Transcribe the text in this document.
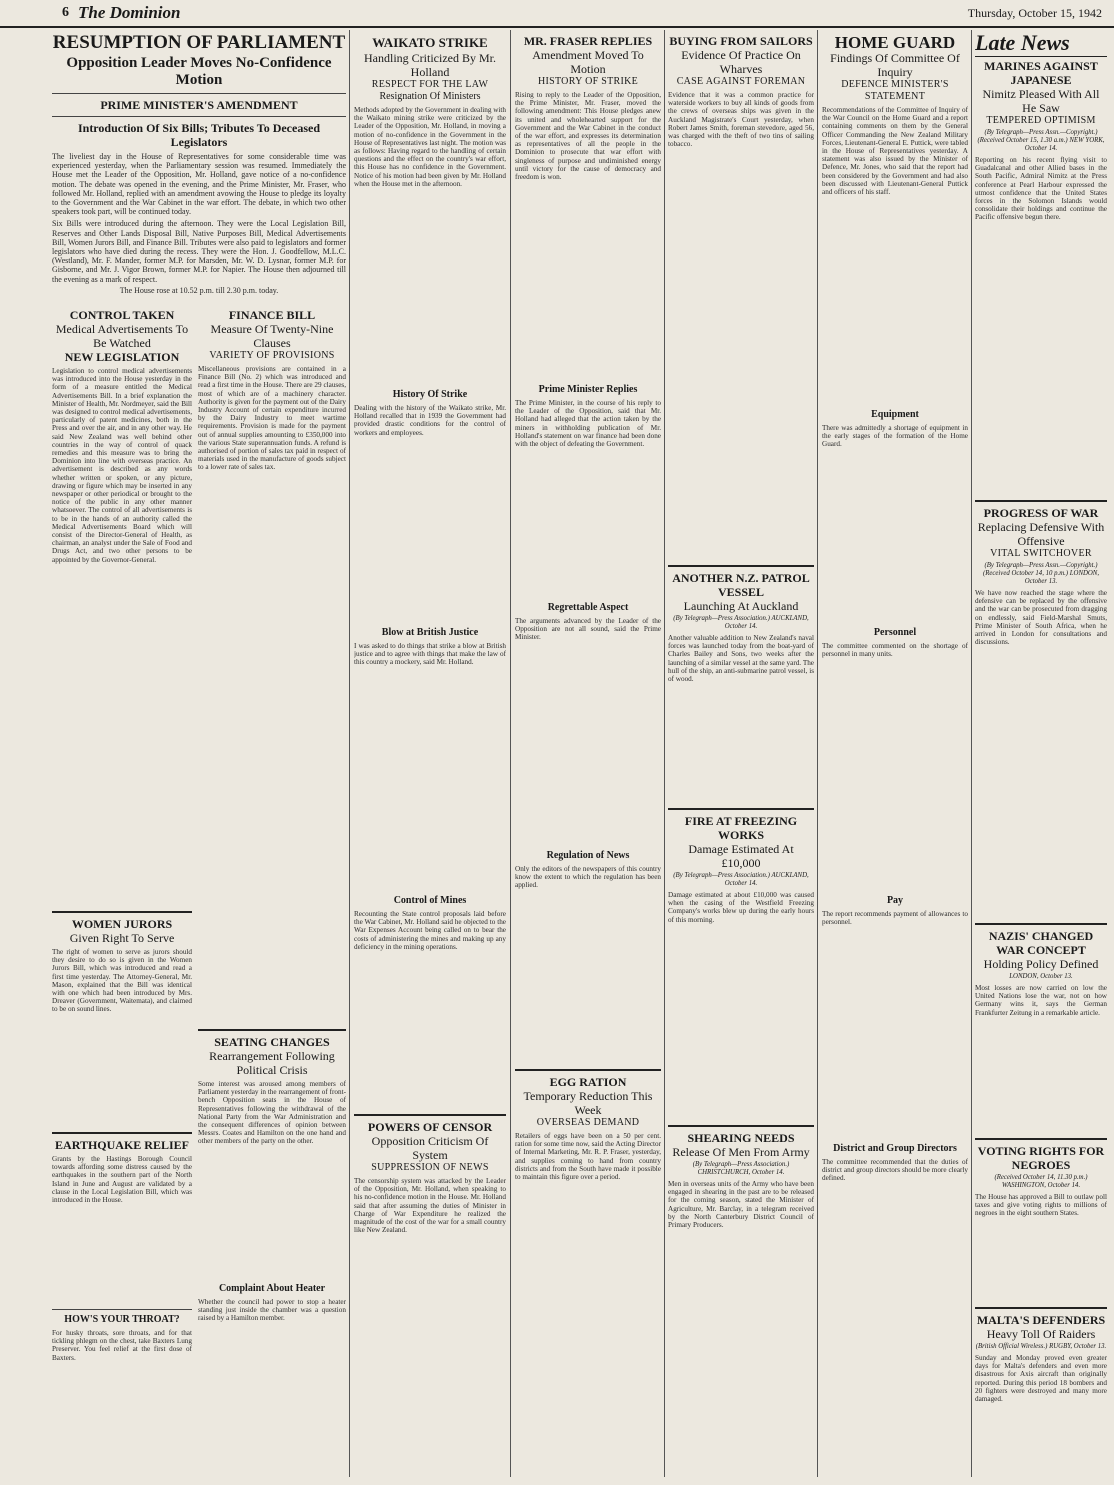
6 The Dominion	Thursday, October 15, 1942
RESUMPTION OF PARLIAMENT
Opposition Leader Moves No-Confidence Motion
PRIME MINISTER'S AMENDMENT
Introduction Of Six Bills; Tributes To Deceased Legislators

The liveliest day in the House of Representatives for some considerable time was experienced yesterday, when the Parliamentary session was resumed. Immediately the House met the Leader of the Opposition, Mr. Holland, gave notice of a no-confidence motion. The debate was opened in the evening, and the Prime Minister, Mr. Fraser, who followed Mr. Holland, replied with an amendment avowing the House to pledge its loyalty to the Government and the War Cabinet in the war effort. The debate, in which two other speakers took part, will be continued today.

Six Bills were introduced during the afternoon. They were the Local Legislation Bill, Reserves and Other Lands Disposal Bill, Native Purposes Bill, Medical Advertisements Bill, Women Jurors Bill, and Finance Bill. Tributes were also paid to legislators and former legislators who have died during the recess. They were the Hon. J. Goodfellow, M.L.C. (Westland), Mr. F. Mander, former M.P. for Marsden, Mr. W. D. Lysnar, former M.P. for Gisborne, and Mr. J. Vigor Brown, former M.P. for Napier. The House then adjourned till the evening as a mark of respect.

The House rose at 10.52 p.m. till 2.30 p.m. today.

CONTROL TAKEN
Medical Advertisements To Be Watched
NEW LEGISLATION

Legislation to control medical advertisements was introduced into the House yesterday in the form of a measure entitled the Medical Advertisements Bill. In a brief explanation the Minister of Health, Mr. Nordmeyer, said the Bill was designed to control medical advertisements, particularly of patent medicines, both in the Press and over the air, and in any other way. He said New Zealand was well behind other countries in the way of control of quack remedies and this measure was to bring the Dominion into line with overseas practice. An advertisement is described as any words whether written or spoken, or any picture, drawing or figure which may be inserted in any newspaper or other periodical or brought to the notice of the public in any other manner whatsoever. The control of all advertisements is to be in the hands of an authority called the Medical Advertisements Board which will consist of the Director-General of Health, as chairman, an analyst under the Sale of Food and Drugs Act, and two other persons to be appointed by the Governor-General.

WOMEN JURORS
Given Right To Serve

The right of women to serve as jurors should they desire to do so is given in the Women Jurors Bill, which was introduced and read a first time yesterday. The Attorney-General, Mr. Mason, explained that the Bill was identical with one which had been introduced by Mrs. Dreaver (Government, Waitemata), and claimed to be on sound lines.

EARTHQUAKE RELIEF

Grants by the Hastings Borough Council towards affording some distress caused by the earthquakes in the southern part of the North Island in June and August are validated by a clause in the Local Legislation Bill, which was introduced in the House.

HOW'S YOUR THROAT?

For husky throats, sore throats, and for that tickling phlegm on the chest, take Baxters Lung Preserver. You feel relief at the first dose of Baxters.

FINANCE BILL
Measure Of Twenty-Nine Clauses
VARIETY OF PROVISIONS

Miscellaneous provisions are contained in a Finance Bill (No. 2) which was introduced and read a first time in the House. There are 29 clauses, most of which are of a machinery character. Authority is given for the payment out of the Dairy Industry Account of certain expenditure incurred by the Dairy Industry to meet wartime requirements. Provision is made for the payment out of annual supplies amounting to £350,000 into the various State superannuation funds. A refund is authorised of portion of sales tax paid in respect of materials used in the manufacture of goods subject to a lower rate of sales tax.

SEATING CHANGES
Rearrangement Following Political Crisis

Some interest was aroused among members of Parliament yesterday in the rearrangement of front-bench Opposition seats in the House of Representatives following the withdrawal of the National Party from the War Administration and the consequent differences of opinion between Messrs. Coates and Hamilton on the one hand and other members of the party on the other.

Complaint About Heater

Whether the council had power to stop a heater standing just inside the chamber was a question raised by a Hamilton member.

WAIKATO STRIKE
Handling Criticized By Mr. Holland
RESPECT FOR THE LAW
Resignation Of Ministers

Methods adopted by the Government in dealing with the Waikato mining strike were criticized by the Leader of the Opposition, Mr. Holland, in moving a motion of no-confidence in the Government in the House of Representatives last night. The motion was as follows: Having regard to the handling of certain questions and the effect on the country's war effort, this House has no confidence in the Government. Notice of his motion had been given by Mr. Holland when the House met in the afternoon.

History Of Strike

Dealing with the history of the Waikato strike, Mr. Holland recalled that in 1939 the Government had provided drastic conditions for the control of workers and employees.

Blow at British Justice

I was asked to do things that strike a blow at British justice and to agree with things that make the law of this country a mockery, said Mr. Holland.

Control of Mines

Recounting the State control proposals laid before the War Cabinet, Mr. Holland said he objected to the War Expenses Account being called on to bear the costs of administering the mines and making up any deficiency in the mining operations.

POWERS OF CENSOR
Opposition Criticism Of System
SUPPRESSION OF NEWS

The censorship system was attacked by the Leader of the Opposition, Mr. Holland, when speaking to his no-confidence motion in the House. Mr. Holland said that after assuming the duties of Minister in Charge of War Expenditure he realized the magnitude of the cost of the war for a small country like New Zealand.

MR. FRASER REPLIES
Amendment Moved To Motion
HISTORY OF STRIKE

Rising to reply to the Leader of the Opposition, the Prime Minister, Mr. Fraser, moved the following amendment: This House pledges anew its united and wholehearted support for the Government and the War Cabinet in the conduct of the war effort, and expresses its determination as representatives of all the people in the Dominion to prosecute that war effort with singleness of purpose and undiminished energy until victory for the cause of democracy and freedom is won.

Prime Minister Replies

The Prime Minister, in the course of his reply to the Leader of the Opposition, said that Mr. Holland had alleged that the action taken by the miners in withholding publication of Mr. Holland's statement on war finance had been done with the object of defeating the Government.

Regrettable Aspect

The arguments advanced by the Leader of the Opposition are not all sound, said the Prime Minister.

Regulation of News

Only the editors of the newspapers of this country know the extent to which the regulation has been applied.

EGG RATION
Temporary Reduction This Week
OVERSEAS DEMAND

Retailers of eggs have been on a 50 per cent. ration for some time now, said the Acting Director of Internal Marketing, Mr. R. P. Fraser, yesterday, and supplies coming to hand from country districts and from the South have made it possible to maintain this figure over a period.

BUYING FROM SAILORS
Evidence Of Practice On Wharves
CASE AGAINST FOREMAN

Evidence that it was a common practice for waterside workers to buy all kinds of goods from the crews of overseas ships was given in the Auckland Magistrate's Court yesterday, when Robert James Smith, foreman stevedore, aged 56, was charged with the theft of two tins of sailing tobacco.

ANOTHER N.Z. PATROL VESSEL
Launching At Auckland

(By Telegraph—Press Association.) AUCKLAND, October 14.

Another valuable addition to New Zealand's naval forces was launched today from the boat-yard of Charles Bailey and Sons, two weeks after the launching of a similar vessel at the same yard. The hull of the ship, an anti-submarine patrol vessel, is of wood.

FIRE AT FREEZING WORKS
Damage Estimated At £10,000

(By Telegraph—Press Association.) AUCKLAND, October 14.

Damage estimated at about £10,000 was caused when the casing of the Westfield Freezing Company's works blew up during the early hours of this morning.

SHEARING NEEDS
Release Of Men From Army

(By Telegraph—Press Association.) CHRISTCHURCH, October 14.

Men in overseas units of the Army who have been engaged in shearing in the past are to be released for the coming season, stated the Minister of Agriculture, Mr. Barclay, in a telegram received by the North Canterbury District Council of Primary Producers.

HOME GUARD
Findings Of Committee Of Inquiry
DEFENCE MINISTER'S STATEMENT

Recommendations of the Committee of Inquiry of the War Council on the Home Guard and a report containing comments on them by the General Officer Commanding the New Zealand Military Forces, Lieutenant-General E. Puttick, were tabled in the House of Representatives yesterday. A statement was also issued by the Minister of Defence, Mr. Jones, who said that the report had been considered by the Government and had also been discussed with Lieutenant-General Puttick and officers of his staff.

Equipment

There was admittedly a shortage of equipment in the early stages of the formation of the Home Guard.

Personnel

The committee commented on the shortage of personnel in many units.

Pay

The report recommends payment of allowances to personnel.

District and Group Directors

The committee recommended that the duties of district and group directors should be more clearly defined.

Late News
MARINES AGAINST JAPANESE
Nimitz Pleased With All He Saw
TEMPERED OPTIMISM

(By Telegraph—Press Assn.—Copyright.) (Received October 15, 1.30 a.m.) NEW YORK, October 14.

Reporting on his recent flying visit to Guadalcanal and other Allied bases in the South Pacific, Admiral Nimitz at the Press conference at Pearl Harbour expressed the utmost confidence that the United States forces in the Solomon Islands would consolidate their holdings and continue the Pacific offensive begun there.

PROGRESS OF WAR
Replacing Defensive With Offensive
VITAL SWITCHOVER

(By Telegraph—Press Assn.—Copyright.) (Received October 14, 10 p.m.) LONDON, October 13.

We have now reached the stage where the defensive can be replaced by the offensive and the war can be prosecuted from dragging on endlessly, said Field-Marshal Smuts, Prime Minister of South Africa, when he arrived in London for consultations and discussions.

NAZIS' CHANGED WAR CONCEPT
Holding Policy Defined

LONDON, October 13.

Most losses are now carried on low the United Nations lose the war, not on how Germany wins it, says the German Frankfurter Zeitung in a remarkable article.

VOTING RIGHTS FOR NEGROES

(Received October 14, 11.30 p.m.) WASHINGTON, October 14.

The House has approved a Bill to outlaw poll taxes and give voting rights to millions of negroes in the eight southern States.

MALTA'S DEFENDERS
Heavy Toll Of Raiders

(British Official Wireless.) RUGBY, October 13.

Sunday and Monday proved even greater days for Malta's defenders and even more disastrous for Axis aircraft than originally reported. During this period 18 bombers and 20 fighters were destroyed and many more damaged.
